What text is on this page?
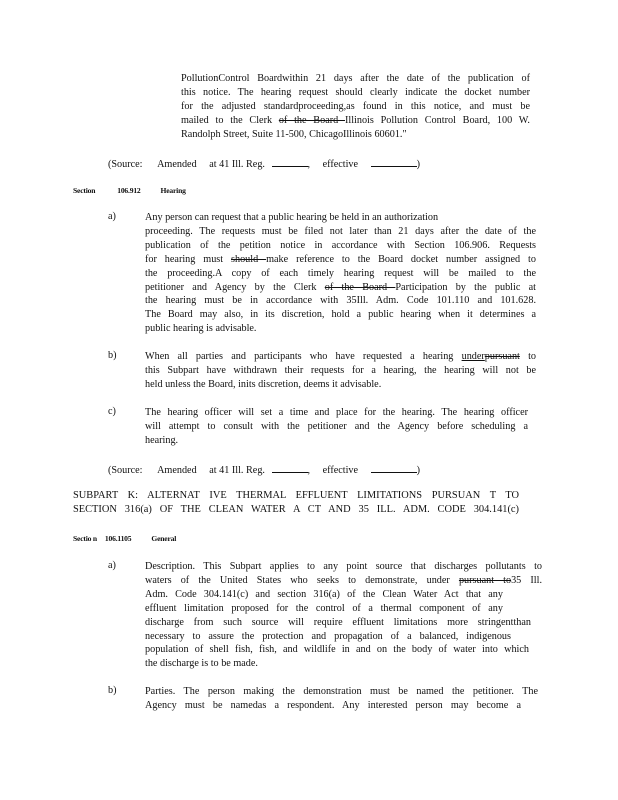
PollutionControl Boardwithin 21 days after the date of the publication of
this notice. The hearing request should clearly indicate the docket number
for the adjusted standardproceeding,as found in this notice, and must be
mailed to the Clerk of the Board Illinois Pollution Control Board, 100 W.
Randolph Street, Suite 11-500, ChicagoIllinois 60601."
(Source: Amended at 41 Ill. Reg.	, effective	)
Section	106.912	Hearing
a)	Any person can request that a public hearing be held in an authorization
proceeding. The requests must be filed not later than 21 days after the date of the
publication of the petition notice in accordance with Section 106.906. Requests
for hearing must should make reference to the Board docket number assigned to
the proceeding.A copy of each timely hearing request will be mailed to the
petitioner and Agency by the Clerk of the Board Participation by the public at
the hearing must be in accordance with 35Ill. Adm. Code 101.110 and 101.628.
The Board may also, in its discretion, hold a public hearing when it determines a
public hearing is advisable.
b)	When all parties and participants who have requested a hearing underpursuant to
this Subpart have withdrawn their requests for a hearing, the hearing will not be
held unless the Board, inits discretion, deems it advisable.
c)	The hearing officer will set a time and place for the hearing. The hearing officer
will attempt to consult with the petitioner and the Agency before scheduling a
hearing.
(Source: Amended at 41 Ill. Reg.	, effective	)
SUBPART K: ALTERNAT IVE THERMAL EFFLUENT LIMITATIONS PURSUAN T TO
SECTION 316(a) OF THE CLEAN WATER A CT AND 35 ILL. ADM. CODE 304.141(c)
Sectio n 106.1105	General
a)	Description. This Subpart applies to any point source that discharges pollutants to
waters of the United States who seeks to demonstrate, under pursuant to35 Ill.
Adm. Code 304.141(c) and section 316(a) of the Clean Water Act that any
effluent limitation proposed for the control of a thermal component of any
discharge from such source will require effluent limitations more stringentthan
necessary to assure the protection and propagation of a balanced, indigenous
population of shell fish, fish, and wildlife in and on the body of water into which
the discharge is to be made.
b)	Parties. The person making the demonstration must be named the petitioner. The
Agency must be namedas a respondent. Any interested person may become a
